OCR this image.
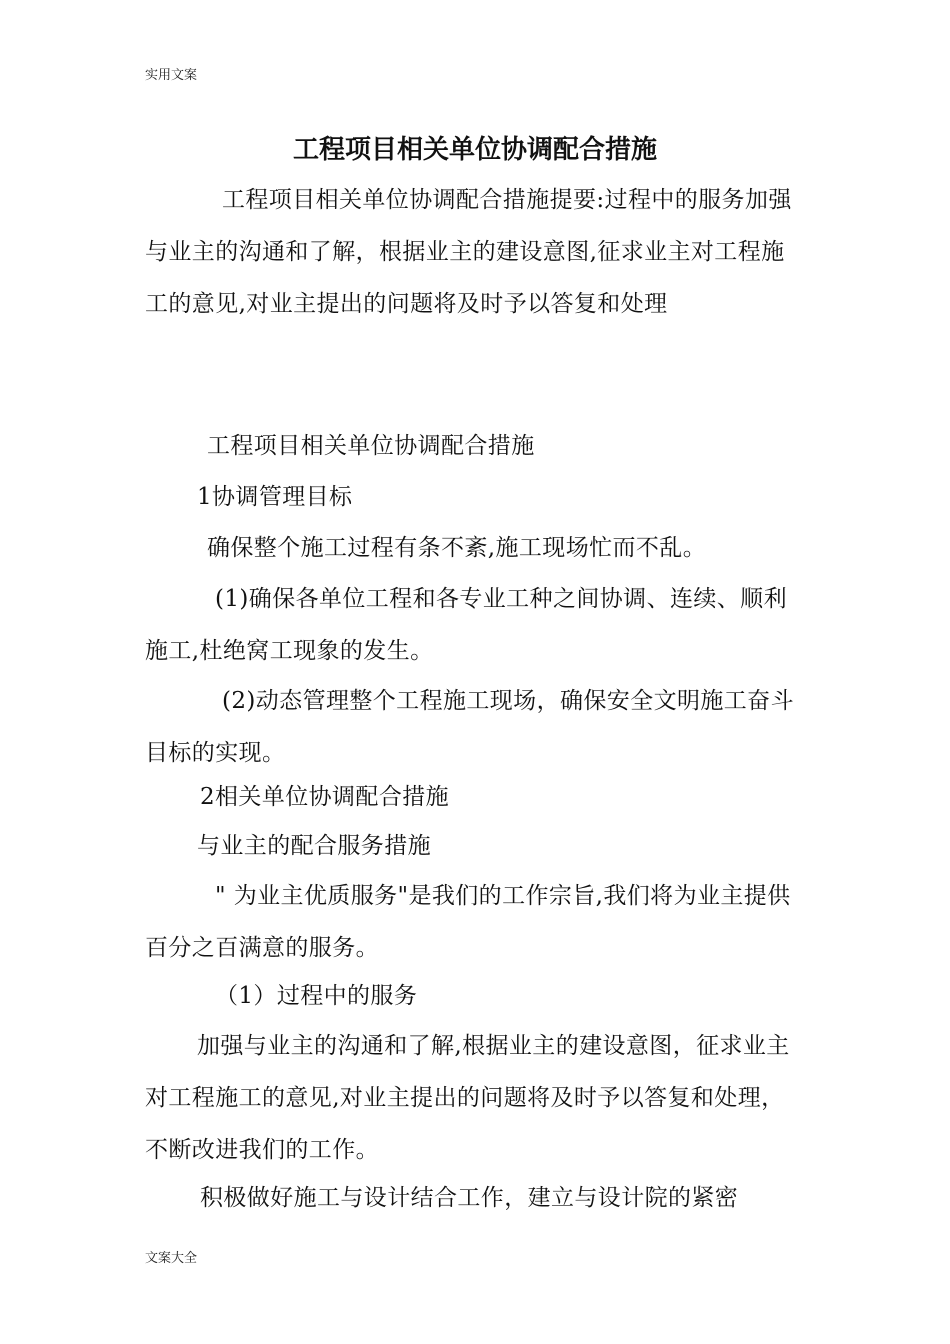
实用文案
工程项目相关单位协调配合措施

工程项目相关单位协调配合措施提要:过程中的服务加强与业主的沟通和了解，根据业主的建设意图,征求业主对工程施工的意见,对业主提出的问题将及时予以答复和处理

工程项目相关单位协调配合措施

1协调管理目标

确保整个施工过程有条不紊,施工现场忙而不乱。

(1)确保各单位工程和各专业工种之间协调、连续、顺利施工,杜绝窝工现象的发生。

(2)动态管理整个工程施工现场，确保安全文明施工奋斗目标的实现。

2相关单位协调配合措施

与业主的配合服务措施

" 为业主优质服务"是我们的工作宗旨,我们将为业主提供百分之百满意的服务。

（1）过程中的服务

加强与业主的沟通和了解,根据业主的建设意图，征求业主对工程施工的意见,对业主提出的问题将及时予以答复和处理，不断改进我们的工作。

积极做好施工与设计结合工作，建立与设计院的紧密

文案大全
